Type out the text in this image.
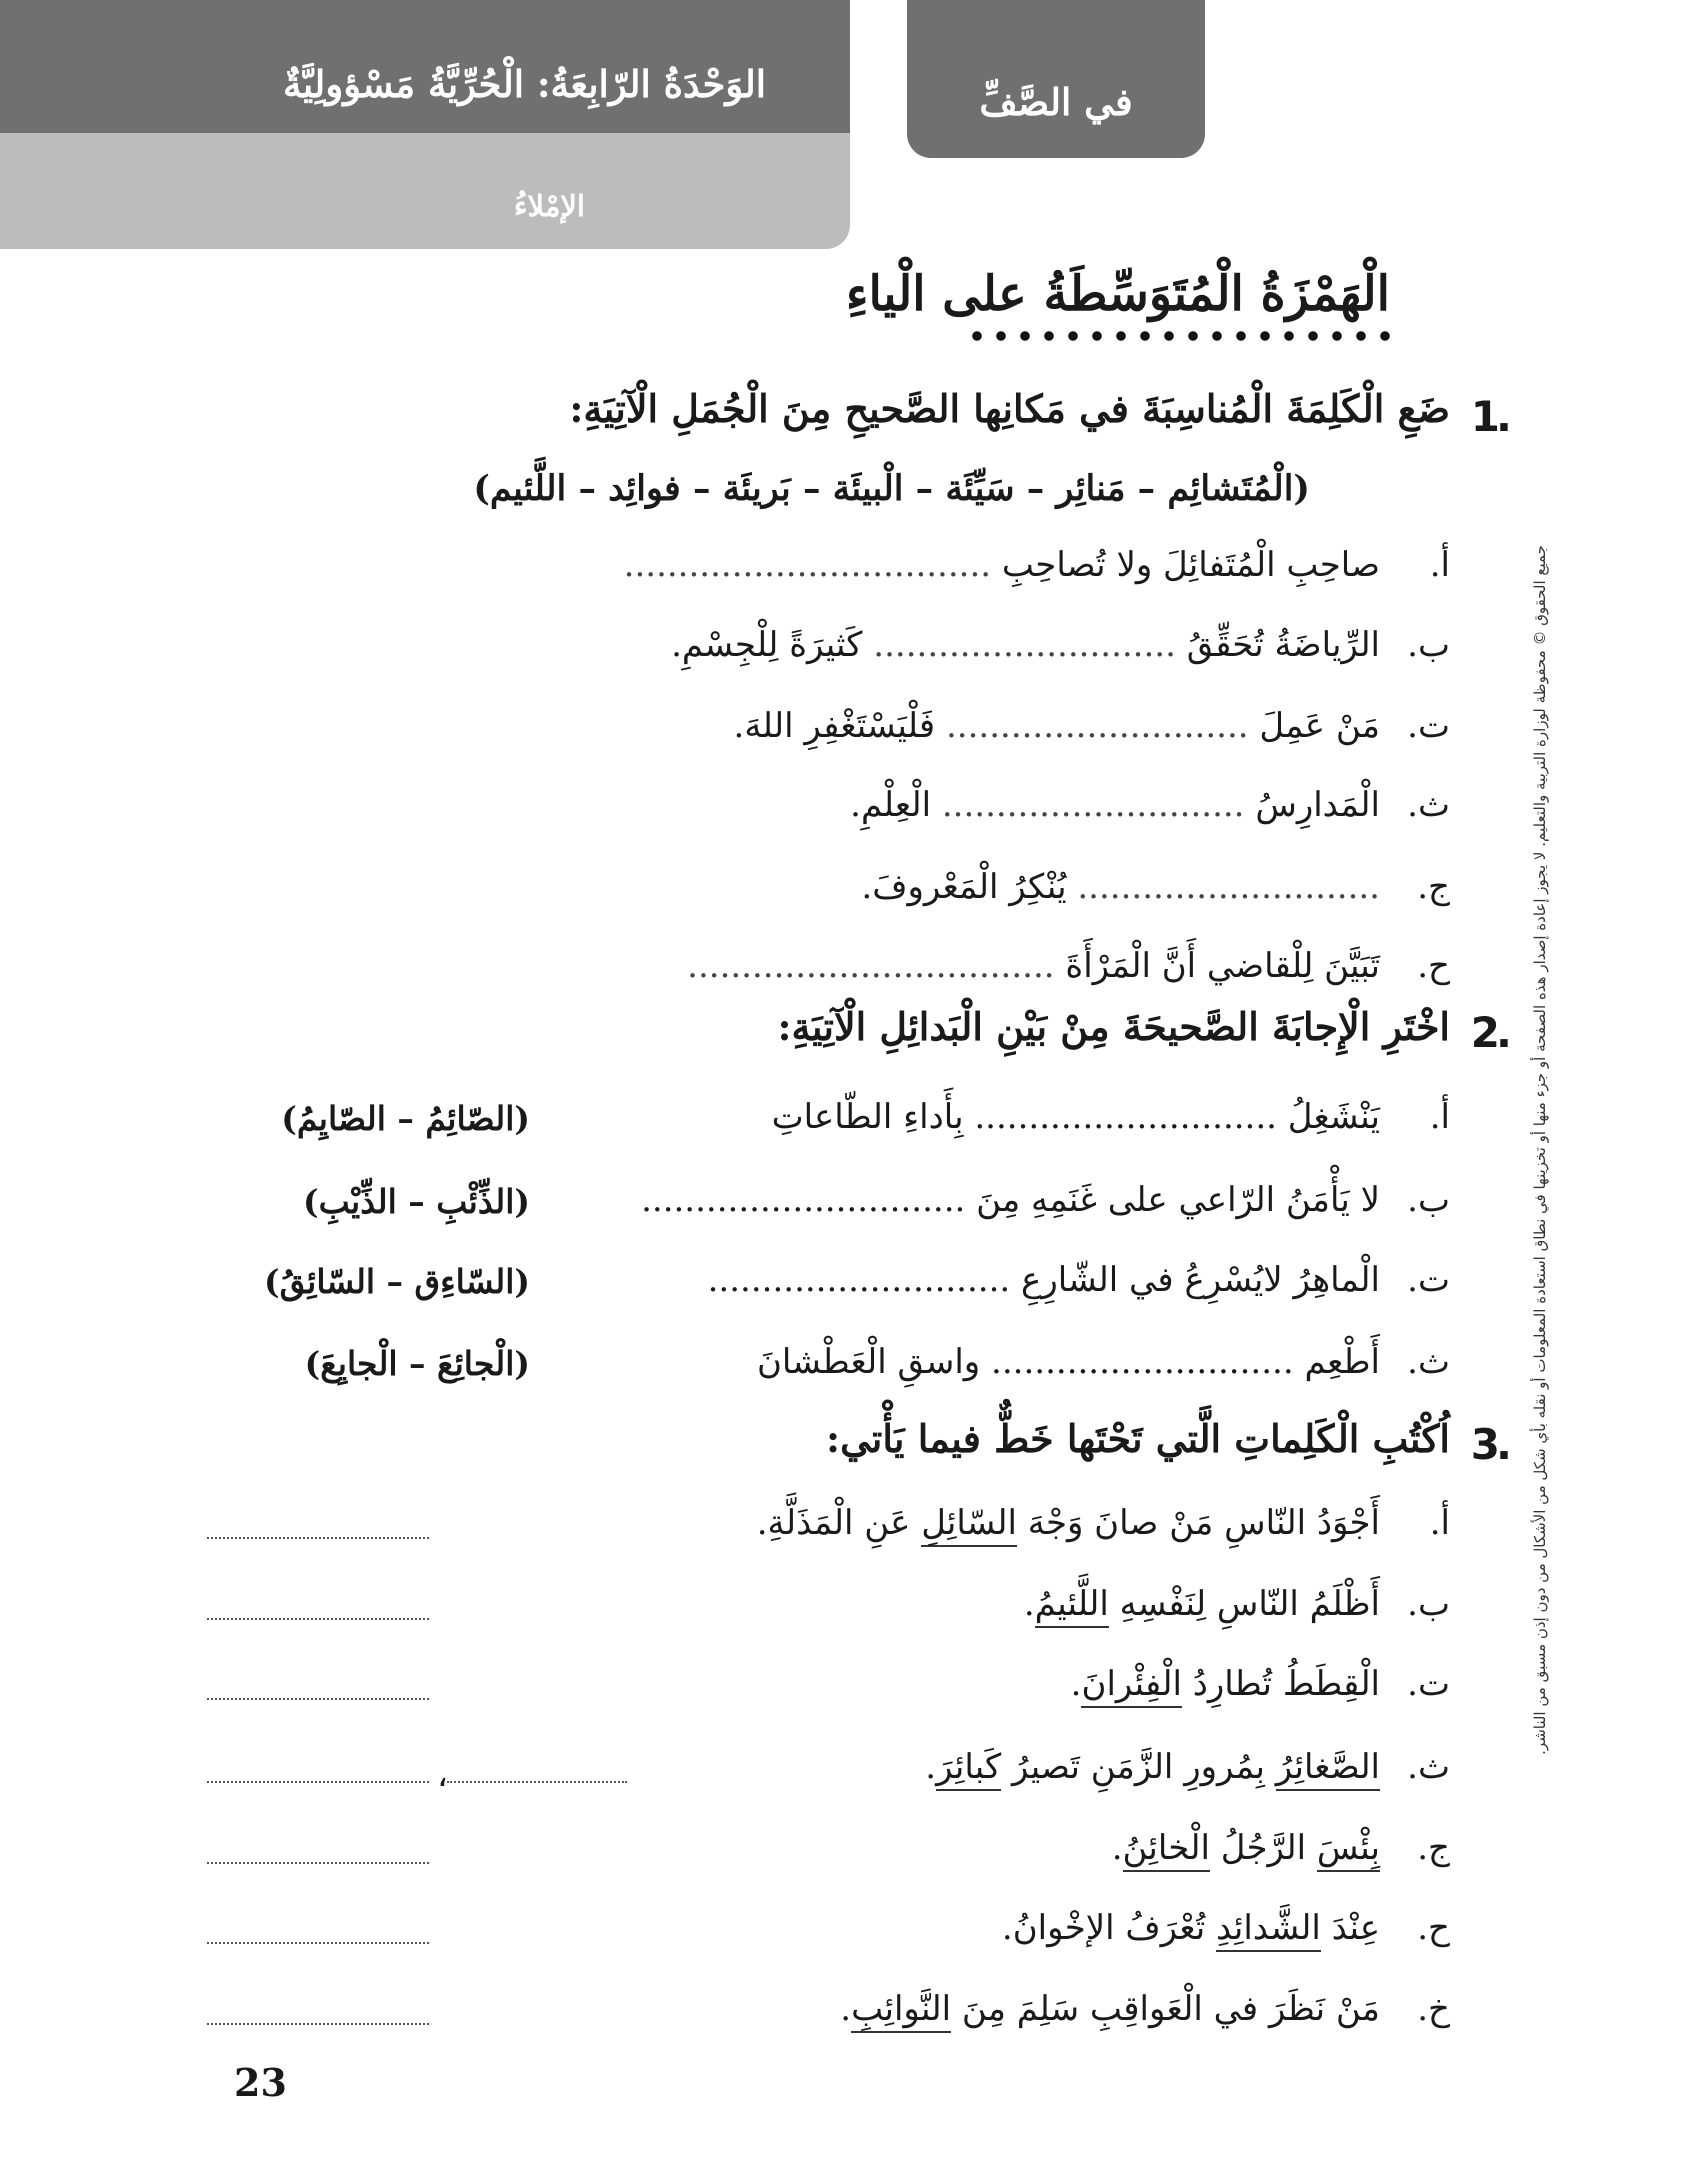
الوَحْدَةُ الرّابِعَةُ: الْحُرِّيَّةُ مَسْؤولِيَّةٌ
الإمْلاءُ
في الصَّفِّ
الْهَمْزَةُ الْمُتَوَسِّطَةُ على الْياءِ
1
.
ضَعِ الْكَلِمَةَ الْمُناسِبَةَ في مَكانِها الصَّحيحِ مِنَ الْجُمَلِ الْآتِيَةِ:
(الْمُتَشائِم – مَنائِر – سَيِّئَة – الْبيئَة – بَريئَة – فوائِد – اللَّئيم)
أ.
صاحِبِ الْمُتَفائِلَ ولا تُصاحِبِ ..................................
ب.
الرِّياضَةُ تُحَقِّقُ ............................ كَثيرَةً لِلْجِسْمِ.
ت.
مَنْ عَمِلَ ............................ فَلْيَسْتَغْفِرِ اللهَ.
ث.
الْمَدارِسُ ............................ الْعِلْمِ.
ج.
............................ يُنْكِرُ الْمَعْروفَ.
ح.
تَبَيَّنَ لِلْقاضي أَنَّ الْمَرْأَةَ ..................................
2
.
اخْتَرِ الْإِجابَةَ الصَّحيحَةَ مِنْ بَيْنِ الْبَدائِلِ الْآتِيَةِ:
أ.
يَنْشَغِلُ ............................ بِأَداءِ الطّاعاتِ
(الصّائِمُ – الصّايِمُ)
ب.
لا يَأْمَنُ الرّاعي على غَنَمِهِ مِنَ ..............................
(الذِّئْبِ – الذِّيْبِ)
ت.
الْماهِرُ لايُسْرِعُ في الشّارِعِ ............................
(السّاءِق – السّائِقُ)
ث.
أَطْعِم ............................ واسقِ الْعَطْشانَ
(الْجائِعَ – الْجايِعَ)
3
.
اُكْتُبِ الْكَلِماتِ الَّتي تَحْتَها خَطٌّ فيما يَأْتي:
أ.
أَجْوَدُ النّاسِ مَنْ صانَ وَجْهَ السّائِلِ عَنِ الْمَذَلَّةِ.
ب.
أَظْلَمُ النّاسِ لِنَفْسِهِ اللَّئيمُ.
ت.
الْقِطَطُ تُطارِدُ الْفِئْرانَ.
ث.
الصَّغائِرُ بِمُرورِ الزَّمَنِ تَصيرُ كَبائِرَ.
،
ج.
بِئْسَ الرَّجُلُ الْخائِنُ.
ح.
عِنْدَ الشَّدائِدِ تُعْرَفُ الإخْوانُ.
خ.
مَنْ نَظَرَ في الْعَواقِبِ سَلِمَ مِنَ النَّوائِبِ.
23
جميع الحقوق © محفوظة لوزارة التربية والتعليم. لا يجوز إعادة إصدار هذه الصفحة أو جزء منها أو تخزينها في نطاق استعادة المعلومات أو نقله بأي شكل من الأشكال من دون إذن مسبق من الناشر.
